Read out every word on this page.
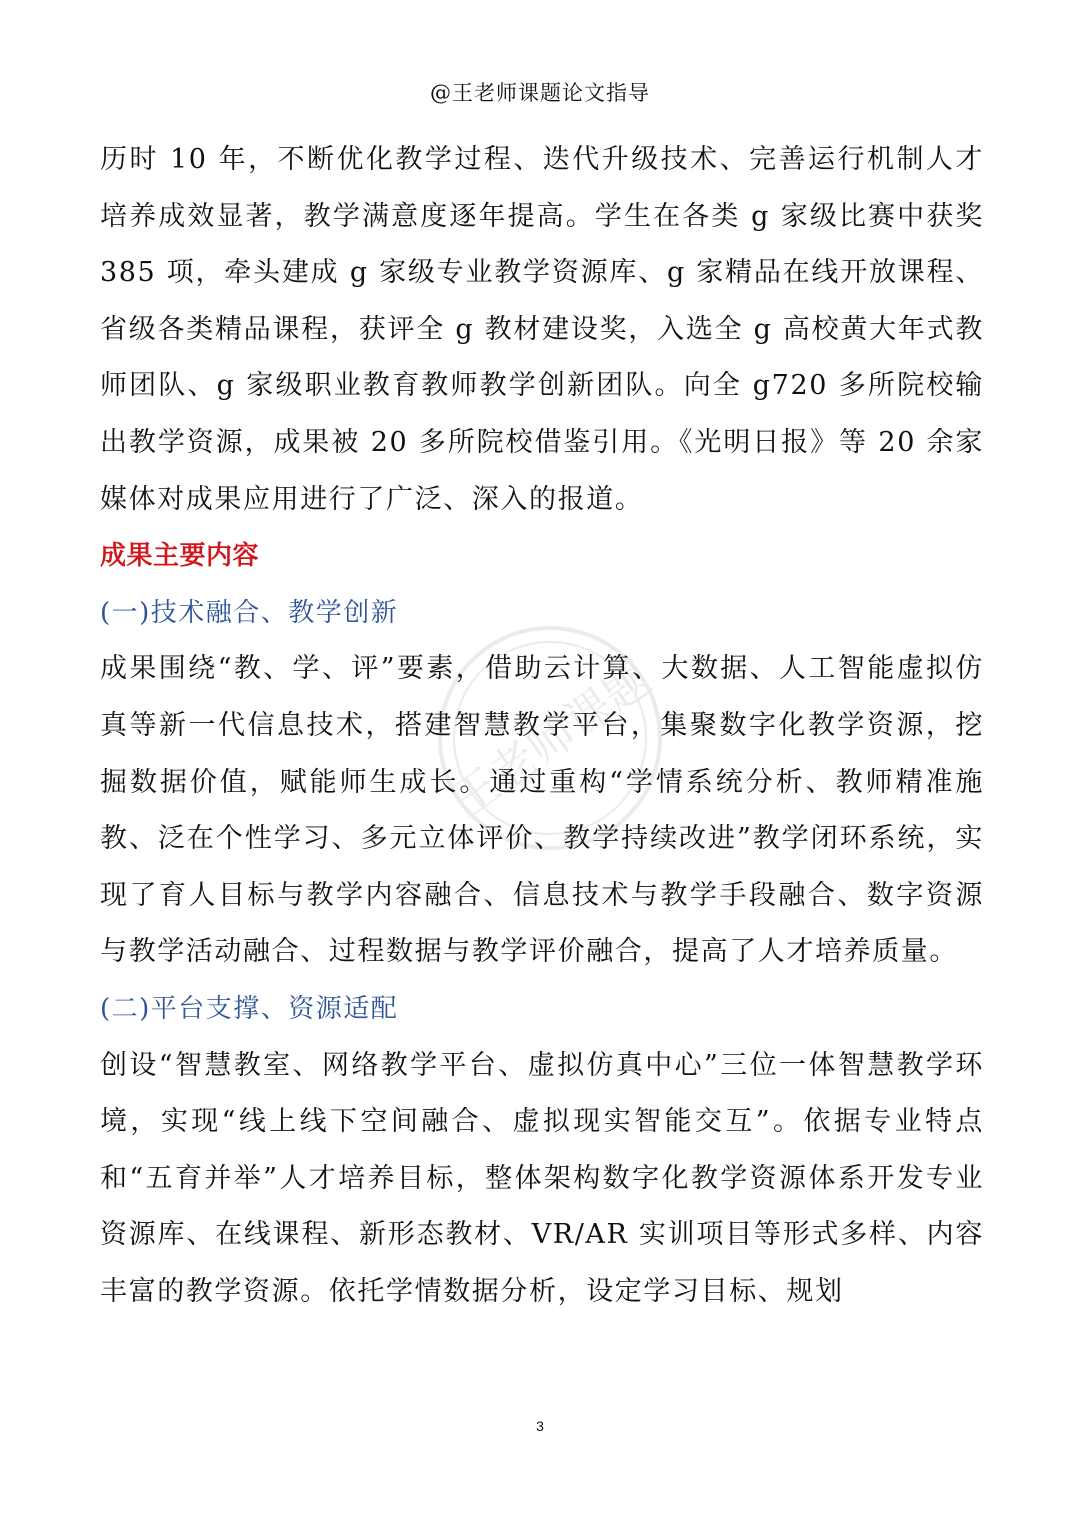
@王老师课题论文指导
王老师课题

历时 10 年，不断优化教学过程、迭代升级技术、完善运行机制人才培养成效显著，教学满意度逐年提高。学生在各类 g 家级比赛中获奖 385 项，牵头建成 g 家级专业教学资源库、g 家精品在线开放课程、省级各类精品课程，获评全 g 教材建设奖，入选全 g 高校黄大年式教师团队、g 家级职业教育教师教学创新团队。向全 g720 多所院校输出教学资源，成果被 20 多所院校借鉴引用。《光明日报》等 20 余家媒体对成果应用进行了广泛、深入的报道。

成果主要内容

(一)技术融合、教学创新

成果围绕“教、学、评”要素，借助云计算、大数据、人工智能虚拟仿真等新一代信息技术，搭建智慧教学平台，集聚数字化教学资源，挖掘数据价值，赋能师生成长。通过重构“学情系统分析、教师精准施教、泛在个性学习、多元立体评价、教学持续改进”教学闭环系统，实现了育人目标与教学内容融合、信息技术与教学手段融合、数字资源与教学活动融合、过程数据与教学评价融合，提高了人才培养质量。

(二)平台支撑、资源适配

创设“智慧教室、网络教学平台、虚拟仿真中心”三位一体智慧教学环境，实现“线上线下空间融合、虚拟现实智能交互”。依据专业特点和“五育并举”人才培养目标，整体架构数字化教学资源体系开发专业资源库、在线课程、新形态教材、VR/AR 实训项目等形式多样、内容丰富的教学资源。依托学情数据分析，设定学习目标、规划

3
